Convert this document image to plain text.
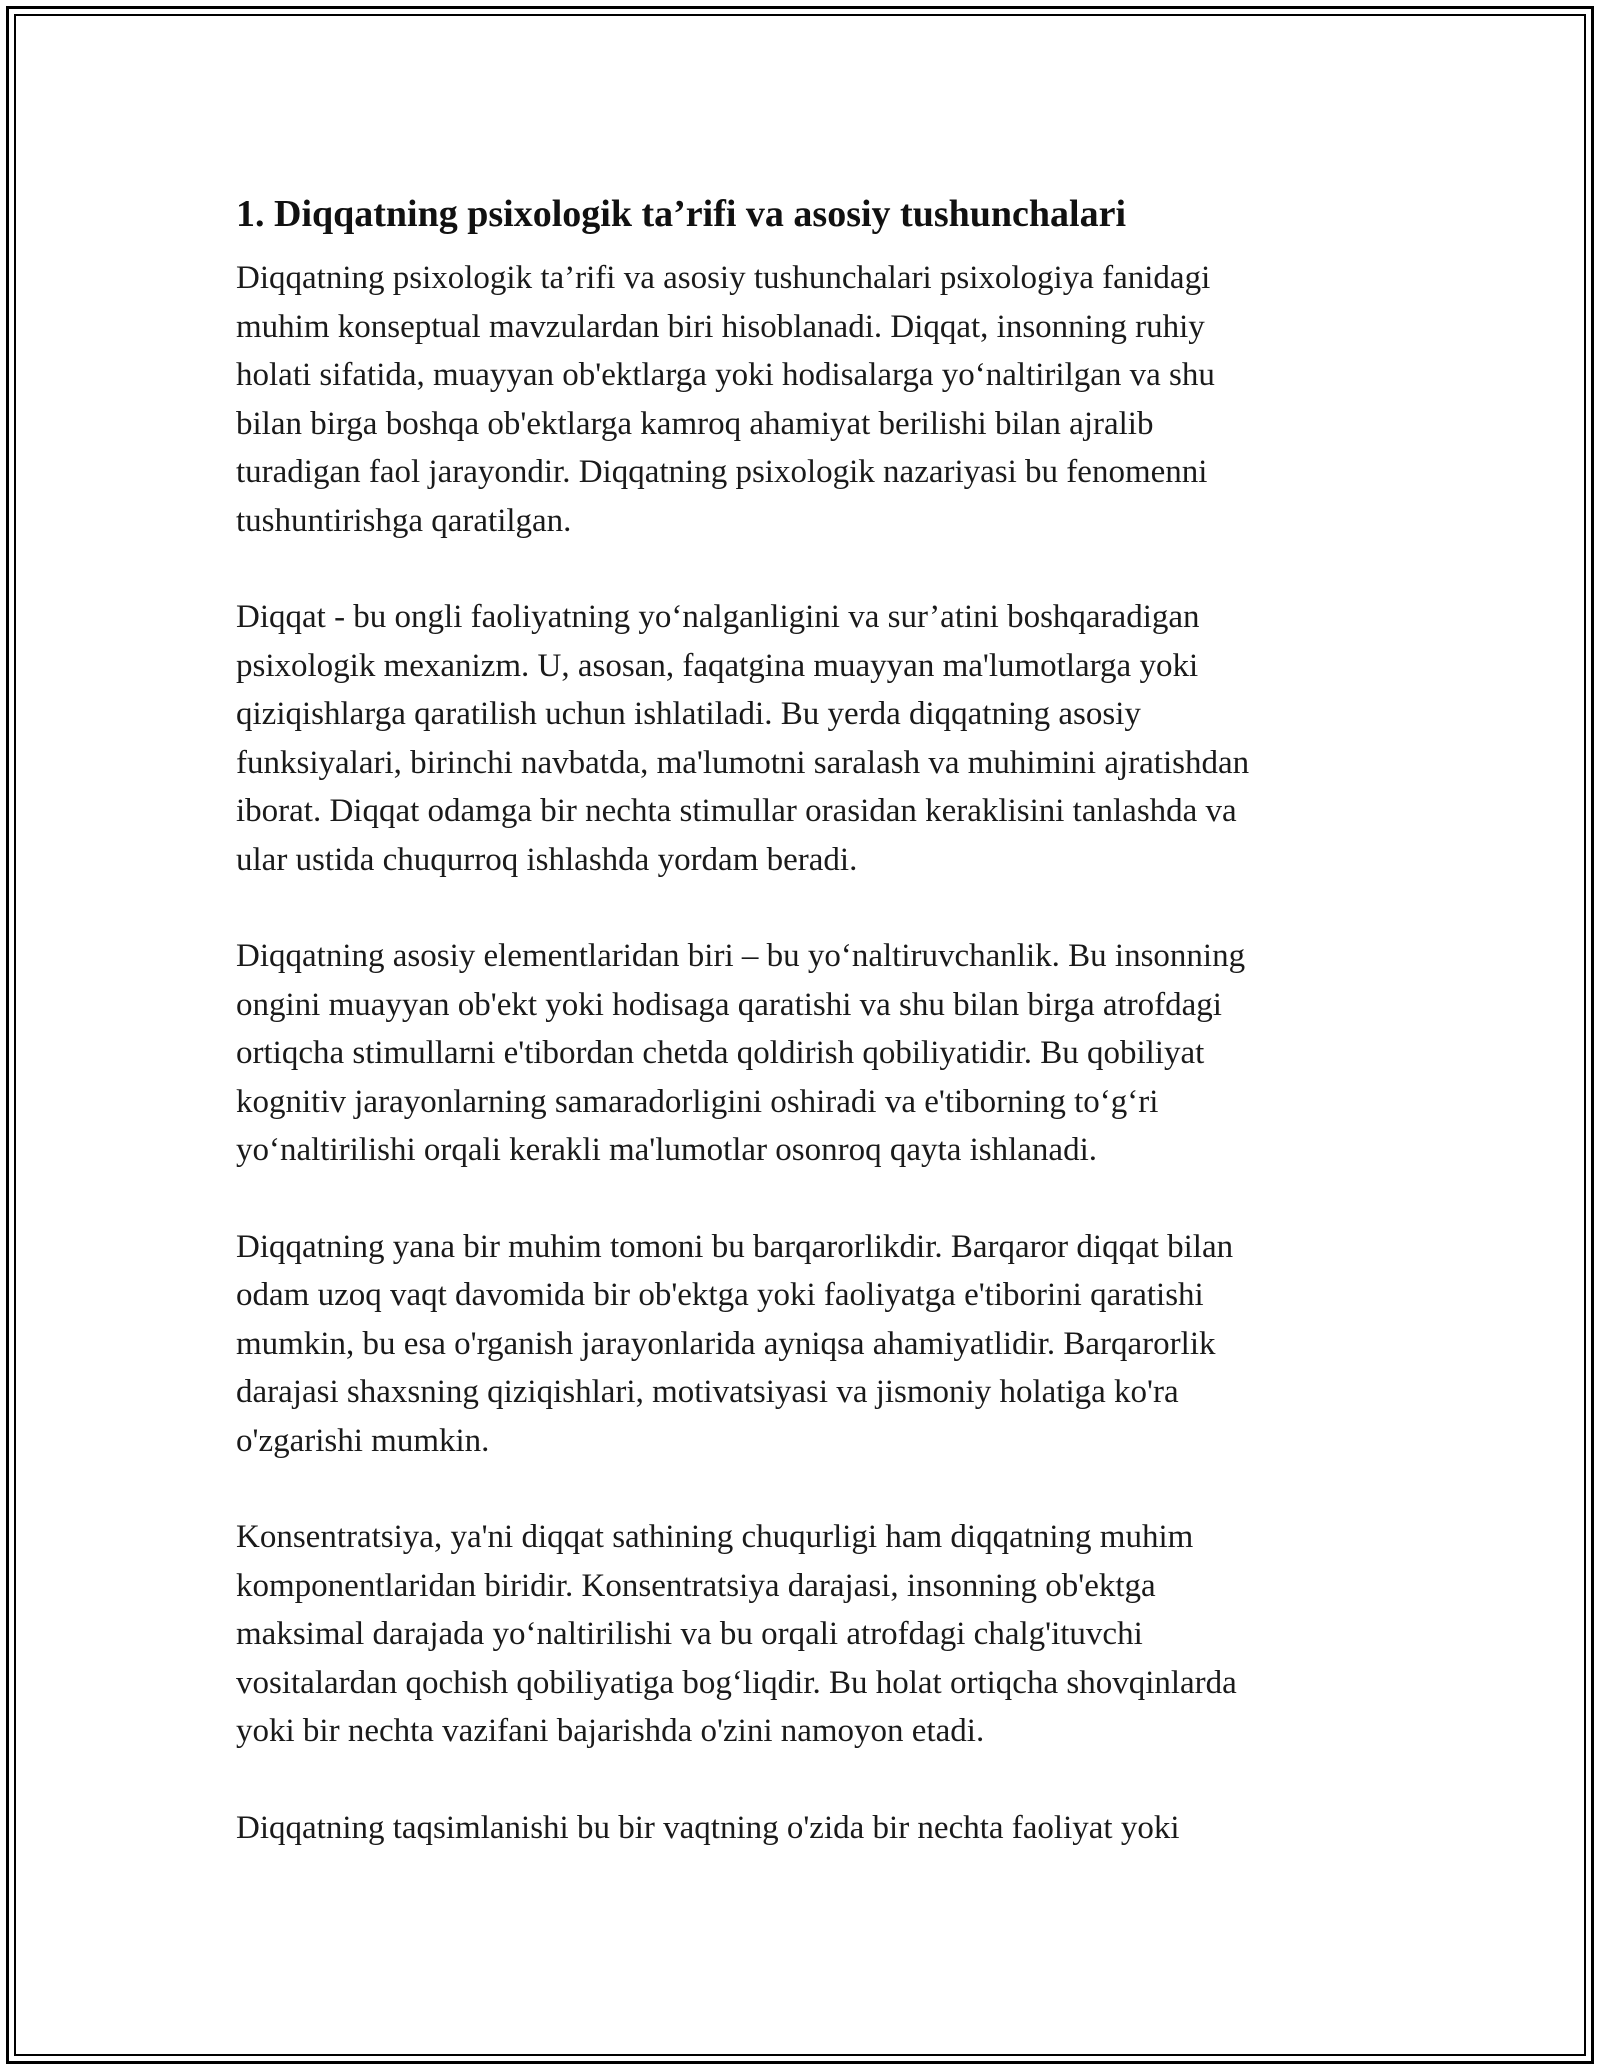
1. Diqqatning psixologik ta’rifi va asosiy tushunchalari
Diqqatning psixologik ta’rifi va asosiy tushunchalari psixologiya fanidagi
muhim konseptual mavzulardan biri hisoblanadi. Diqqat, insonning ruhiy
holati sifatida, muayyan ob'ektlarga yoki hodisalarga yo‘naltirilgan va shu
bilan birga boshqa ob'ektlarga kamroq ahamiyat berilishi bilan ajralib
turadigan faol jarayondir. Diqqatning psixologik nazariyasi bu fenomenni
tushuntirishga qaratilgan.
Diqqat - bu ongli faoliyatning yo‘nalganligini va sur’atini boshqaradigan
psixologik mexanizm. U, asosan, faqatgina muayyan ma'lumotlarga yoki
qiziqishlarga qaratilish uchun ishlatiladi. Bu yerda diqqatning asosiy
funksiyalari, birinchi navbatda, ma'lumotni saralash va muhimini ajratishdan
iborat. Diqqat odamga bir nechta stimullar orasidan keraklisini tanlashda va
ular ustida chuqurroq ishlashda yordam beradi.
Diqqatning asosiy elementlaridan biri – bu yo‘naltiruvchanlik. Bu insonning
ongini muayyan ob'ekt yoki hodisaga qaratishi va shu bilan birga atrofdagi
ortiqcha stimullarni e'tibordan chetda qoldirish qobiliyatidir. Bu qobiliyat
kognitiv jarayonlarning samaradorligini oshiradi va e'tiborning to‘g‘ri
yo‘naltirilishi orqali kerakli ma'lumotlar osonroq qayta ishlanadi.
Diqqatning yana bir muhim tomoni bu barqarorlikdir. Barqaror diqqat bilan
odam uzoq vaqt davomida bir ob'ektga yoki faoliyatga e'tiborini qaratishi
mumkin, bu esa o'rganish jarayonlarida ayniqsa ahamiyatlidir. Barqarorlik
darajasi shaxsning qiziqishlari, motivatsiyasi va jismoniy holatiga ko'ra
o'zgarishi mumkin.
Konsentratsiya, ya'ni diqqat sathining chuqurligi ham diqqatning muhim
komponentlaridan biridir. Konsentratsiya darajasi, insonning ob'ektga
maksimal darajada yo‘naltirilishi va bu orqali atrofdagi chalg'ituvchi
vositalardan qochish qobiliyatiga bog‘liqdir. Bu holat ortiqcha shovqinlarda
yoki bir nechta vazifani bajarishda o'zini namoyon etadi.
Diqqatning taqsimlanishi bu bir vaqtning o'zida bir nechta faoliyat yoki
